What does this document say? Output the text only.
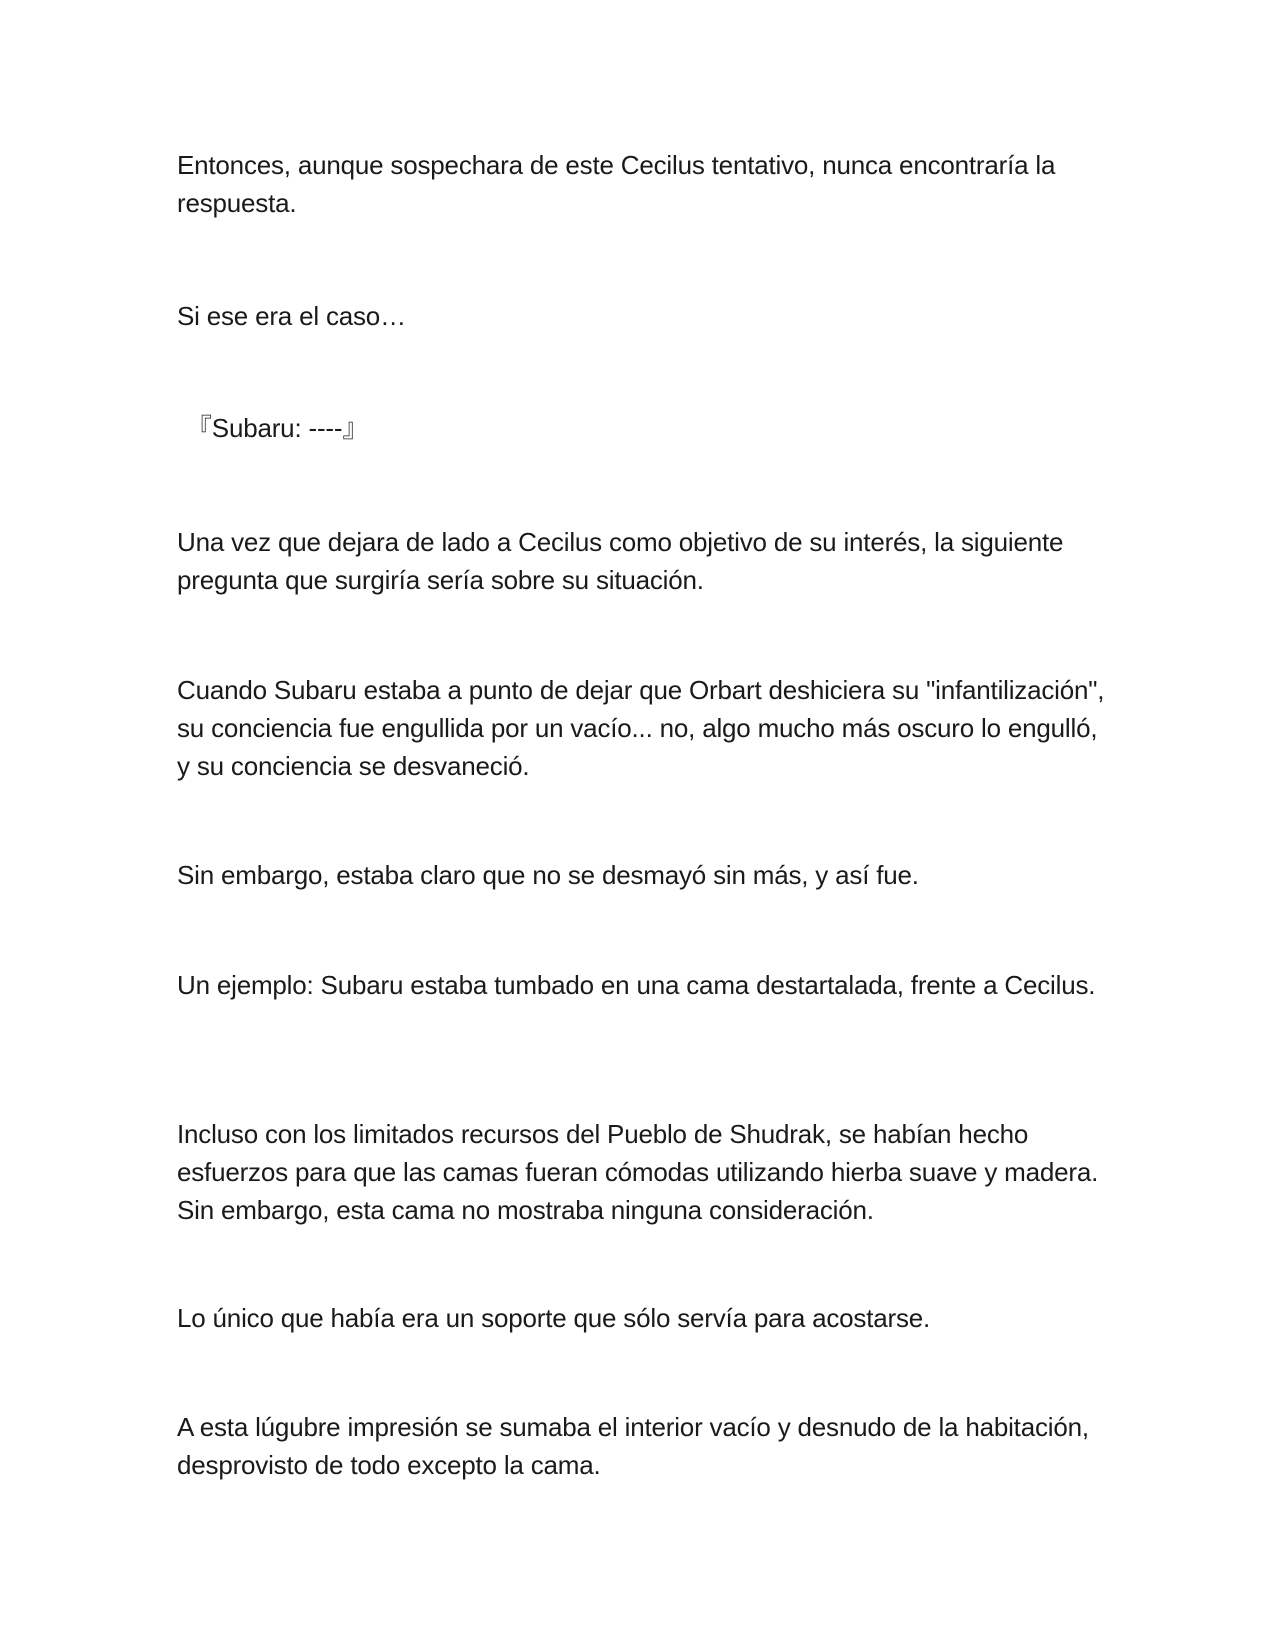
Entonces, aunque sospechara de este Cecilus tentativo, nunca encontraría la respuesta.

Si ese era el caso…

『Subaru: ----』

Una vez que dejara de lado a Cecilus como objetivo de su interés, la siguiente pregunta que surgiría sería sobre su situación.

Cuando Subaru estaba a punto de dejar que Orbart deshiciera su "infantilización", su conciencia fue engullida por un vacío... no, algo mucho más oscuro lo engulló, y su conciencia se desvaneció.

Sin embargo, estaba claro que no se desmayó sin más, y así fue.

Un ejemplo: Subaru estaba tumbado en una cama destartalada, frente a Cecilus.

Incluso con los limitados recursos del Pueblo de Shudrak, se habían hecho esfuerzos para que las camas fueran cómodas utilizando hierba suave y madera. Sin embargo, esta cama no mostraba ninguna consideración.

Lo único que había era un soporte que sólo servía para acostarse.

A esta lúgubre impresión se sumaba el interior vacío y desnudo de la habitación, desprovisto de todo excepto la cama.
